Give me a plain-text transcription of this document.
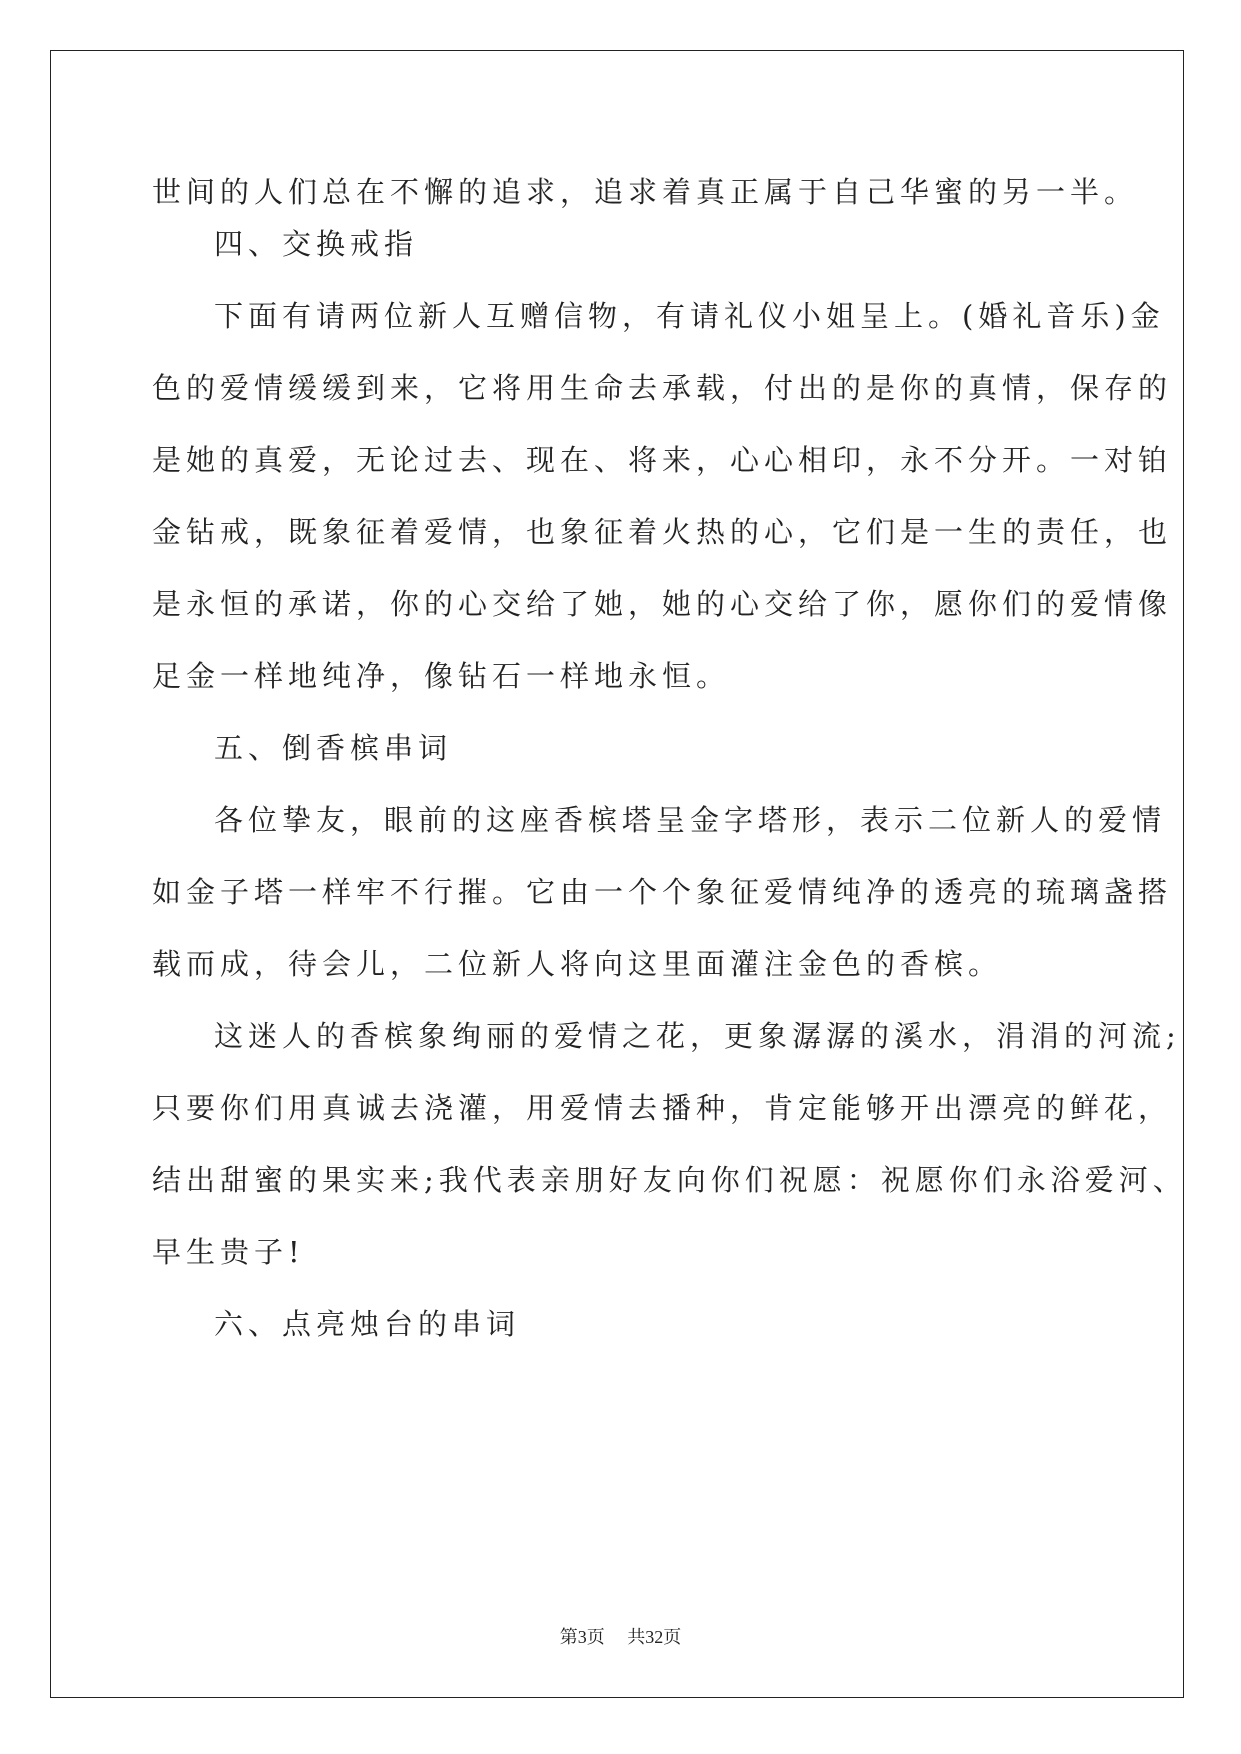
世间的人们总在不懈的追求，追求着真正属于自己华蜜的另一半。

四、交换戒指

下面有请两位新人互赠信物，有请礼仪小姐呈上。(婚礼音乐)金

色的爱情缓缓到来，它将用生命去承载，付出的是你的真情，保存的

是她的真爱，无论过去、现在、将来，心心相印，永不分开。一对铂

金钻戒，既象征着爱情，也象征着火热的心，它们是一生的责任，也

是永恒的承诺，你的心交给了她，她的心交给了你，愿你们的爱情像

足金一样地纯净，像钻石一样地永恒。

五、倒香槟串词

各位挚友，眼前的这座香槟塔呈金字塔形，表示二位新人的爱情

如金子塔一样牢不行摧。它由一个个象征爱情纯净的透亮的琉璃盏搭

载而成，待会儿，二位新人将向这里面灌注金色的香槟。

这迷人的香槟象绚丽的爱情之花，更象潺潺的溪水，涓涓的河流;

只要你们用真诚去浇灌，用爱情去播种，肯定能够开出漂亮的鲜花，

结出甜蜜的果实来;我代表亲朋好友向你们祝愿：祝愿你们永浴爱河、

早生贵子!

六、点亮烛台的串词

第3页 共32页
